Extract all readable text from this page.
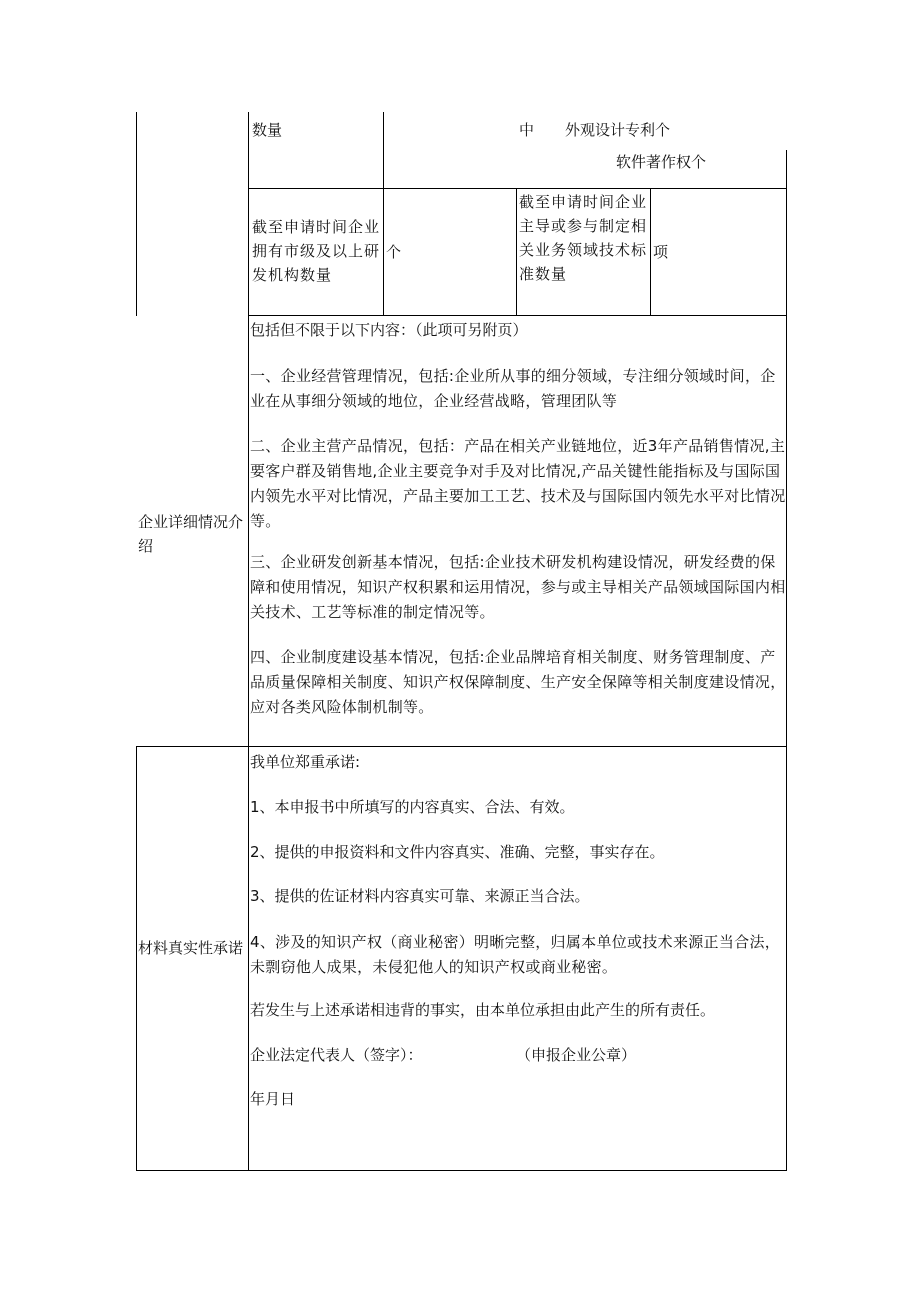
数量	中 外观设计专利个
软件著作权个
截至申请时间企业拥有市级及以上研发机构数量
个
截至申请时间企业主导或参与制定相关业务领域技术标准数量
项
企业详细情况介绍
包括但不限于以下内容：（此项可另附页）
一、企业经营管理情况，包括:企业所从事的细分领域，专注细分领域时间，企业在从事细分领域的地位，企业经营战略，管理团队等
二、企业主营产品情况，包括：产品在相关产业链地位，近3年产品销售情况,主要客户群及销售地,企业主要竞争对手及对比情况,产品关键性能指标及与国际国内领先水平对比情况，产品主要加工工艺、技术及与国际国内领先水平对比情况等。
三、企业研发创新基本情况，包括:企业技术研发机构建设情况，研发经费的保障和使用情况，知识产权积累和运用情况，参与或主导相关产品领域国际国内相关技术、工艺等标准的制定情况等。
四、企业制度建设基本情况，包括:企业品牌培育相关制度、财务管理制度、产品质量保障相关制度、知识产权保障制度、生产安全保障等相关制度建设情况，应对各类风险体制机制等。
材料真实性承诺
我单位郑重承诺:
1、本申报书中所填写的内容真实、合法、有效。
2、提供的申报资料和文件内容真实、准确、完整，事实存在。
3、提供的佐证材料内容真实可靠、来源正当合法。
4、涉及的知识产权（商业秘密）明晰完整，归属本单位或技术来源正当合法，未剽窃他人成果，未侵犯他人的知识产权或商业秘密。
若发生与上述承诺相违背的事实，由本单位承担由此产生的所有责任。
企业法定代表人（签字）：	（申报企业公章）
年月日
